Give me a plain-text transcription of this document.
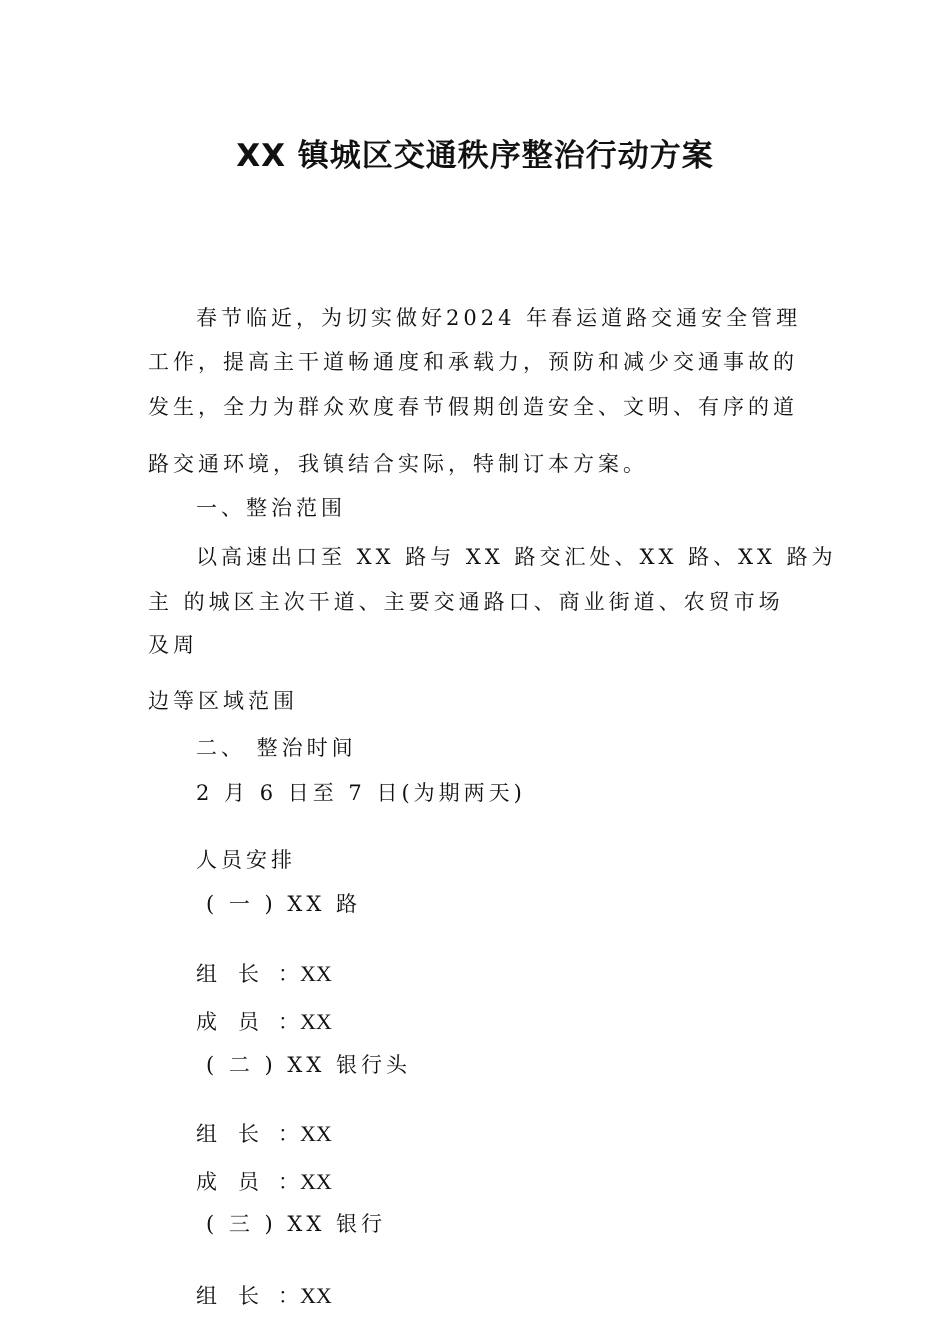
XX 镇城区交通秩序整治行动方案
春节临近，为切实做好2024 年春运道路交通安全管理
工作，提高主干道畅通度和承载力，预防和减少交通事故的
发生，全力为群众欢度春节假期创造安全、文明、有序的道
路交通环境，我镇结合实际，特制订本方案。
一、整治范围
以高速出口至 XX 路与 XX 路交汇处、XX 路、XX 路为
主 的城区主次干道、主要交通路口、商业街道、农贸市场
及周
边等区域范围
二、 整治时间
2 月 6 日至 7 日(为期两天)
人员安排
( 一 ) XX 路
组　长 ：XX
成　员 ：XX
( 二 ) XX 银行头
组　长 ：XX
成　员 ：XX
( 三 ) XX 银行
组　长 ：XX
